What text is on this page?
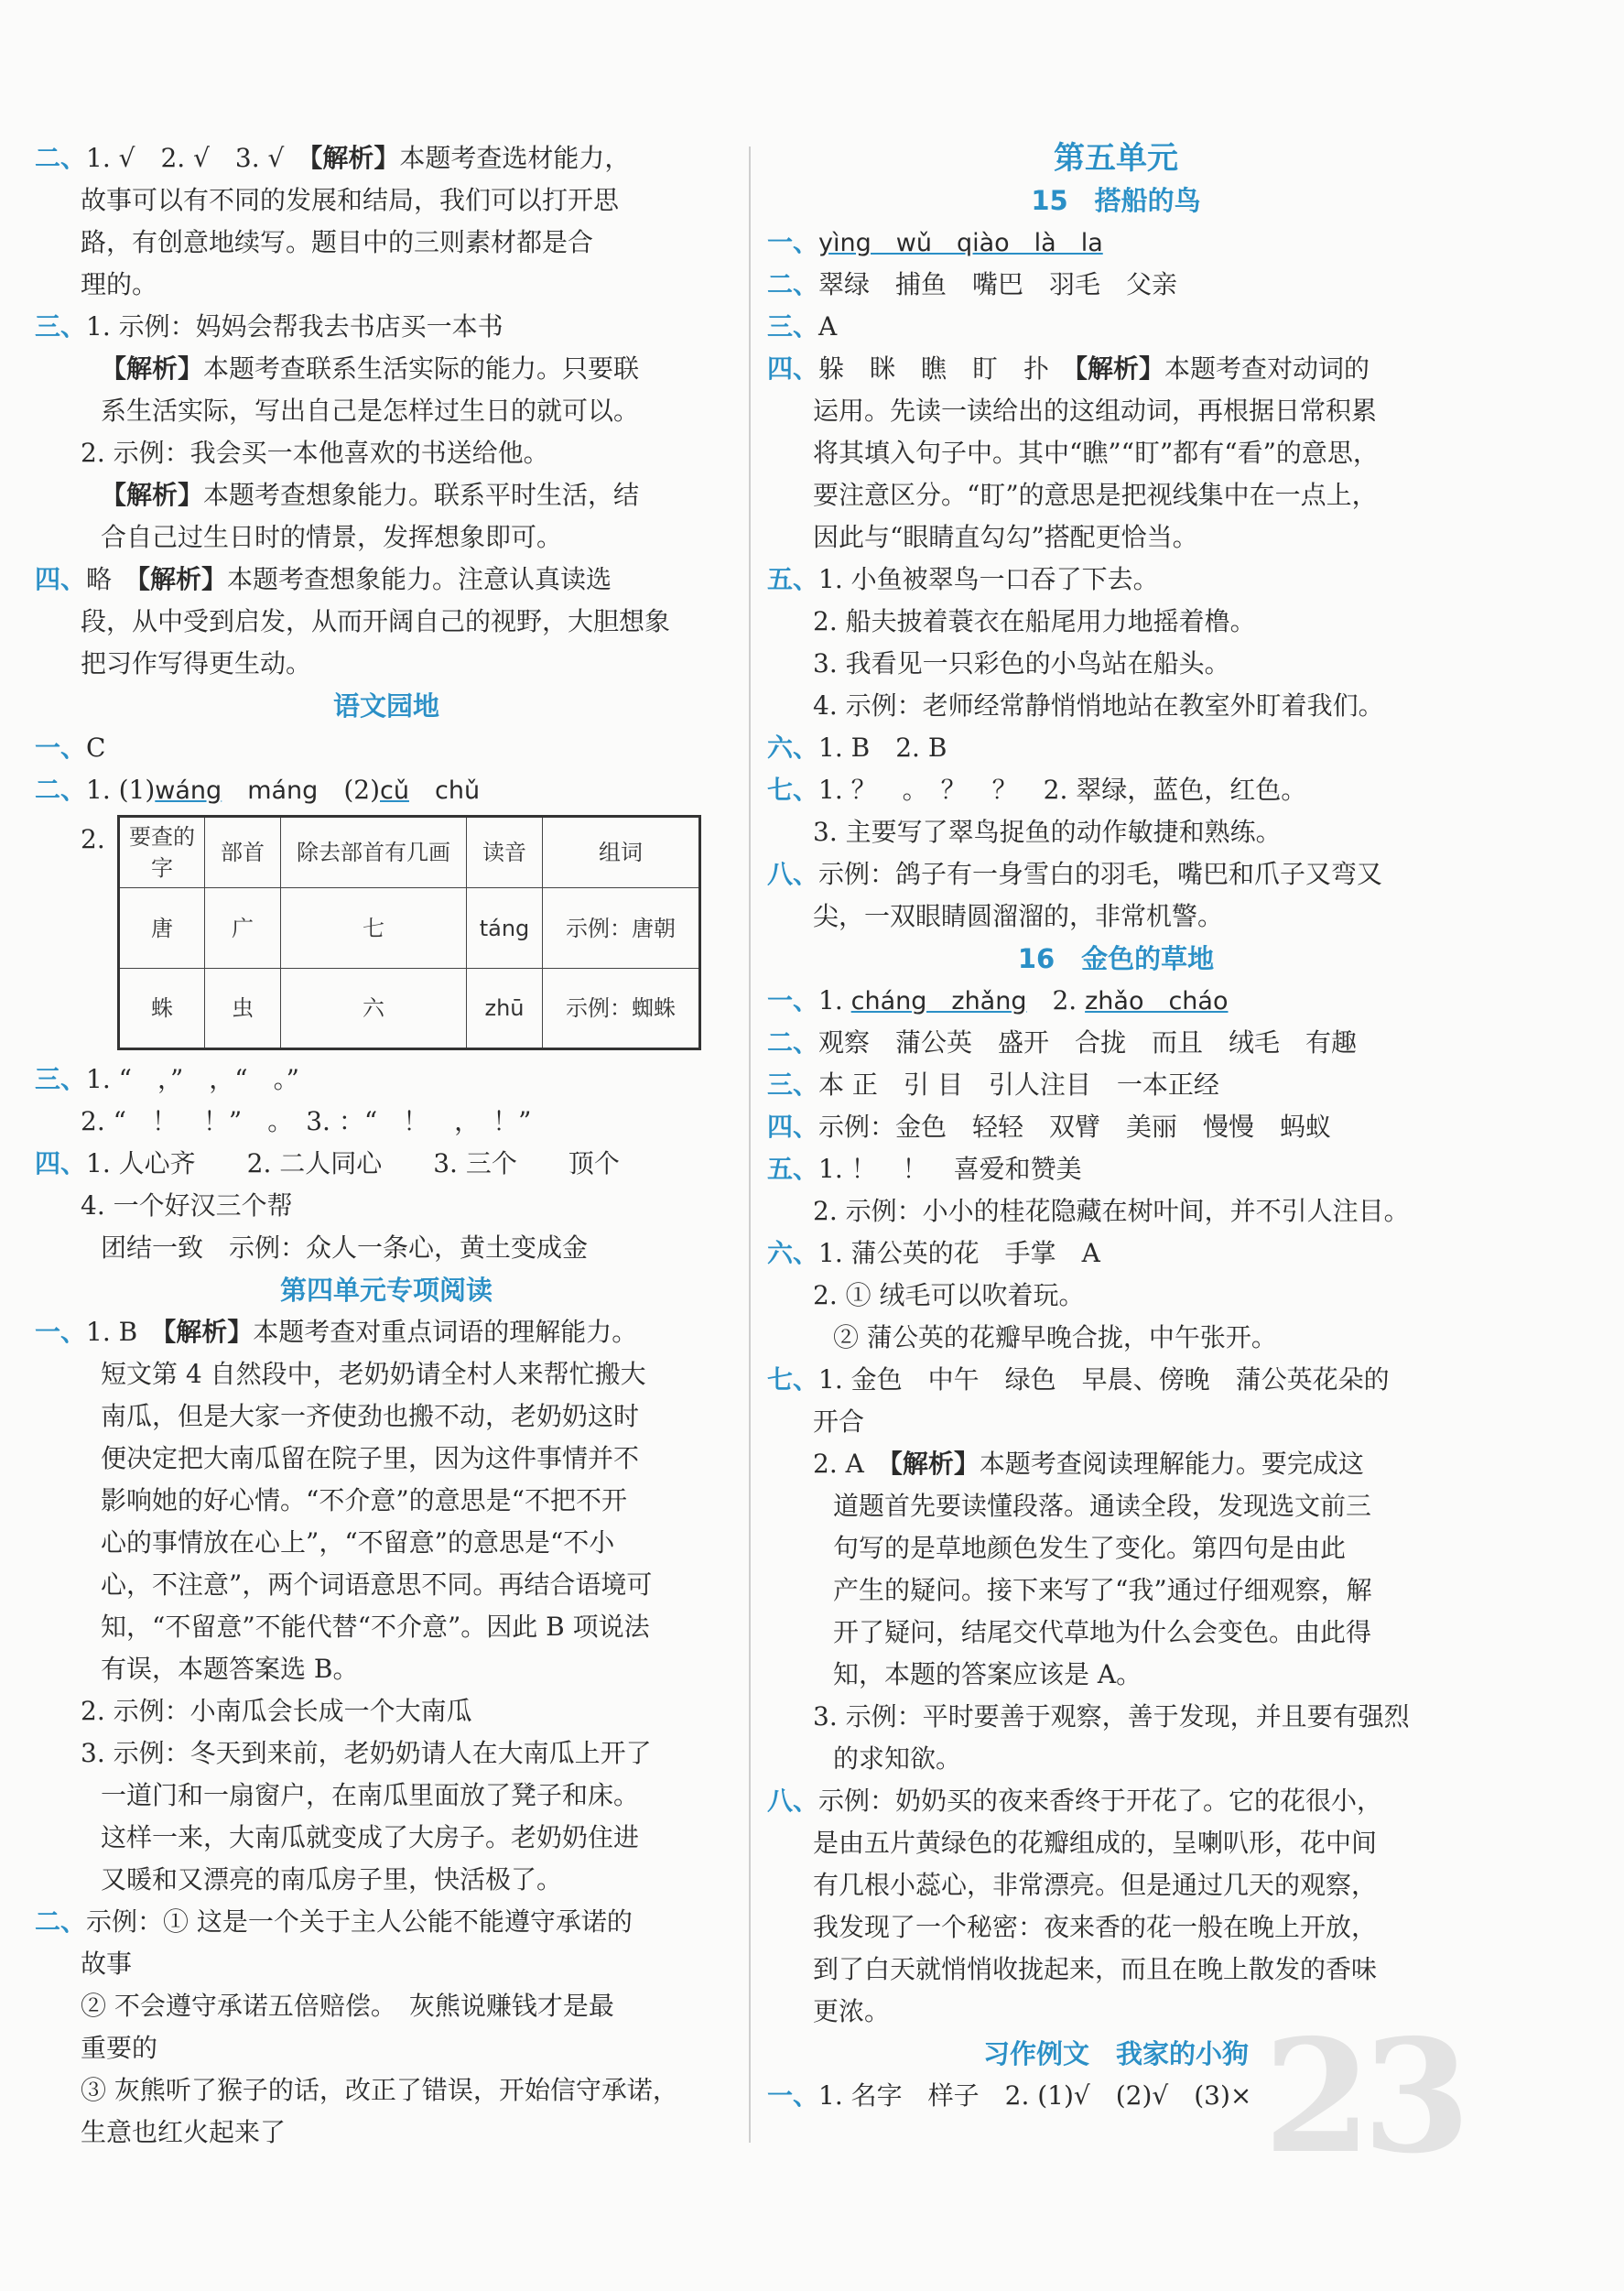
二、1. √　2. √　3. √　【解析】本题考查选材能力，
故事可以有不同的发展和结局，我们可以打开思
路，有创意地续写。题目中的三则素材都是合
理的。
三、1. 示例：妈妈会帮我去书店买一本书
【解析】本题考查联系生活实际的能力。只要联
系生活实际，写出自己是怎样过生日的就可以。
2. 示例：我会买一本他喜欢的书送给他。
【解析】本题考查想象能力。联系平时生活，结
合自己过生日时的情景，发挥想象即可。
四、略　【解析】本题考查想象能力。注意认真读选
段，从中受到启发，从而开阔自己的视野，大胆想象
把习作写得更生动。
语文园地
一、C
二、1. (1)wáng　 máng　 (2)cǔ　 chǔ
2. 要查的字	部首	除去部首有几画	读音	组词
唐	广	七	táng	示例：唐朝
蛛	虫	六	zhū	示例：蜘蛛
三、1. “　，”　，“　。”
2. “　！　！”　。　3. ：“　！　，　！”
四、1. 人心齐　　2. 二人同心　　3. 三个　　顶个
4. 一个好汉三个帮
团结一致　示例：众人一条心，黄土变成金
第四单元专项阅读
一、1. B　【解析】本题考查对重点词语的理解能力。
短文第 4 自然段中，老奶奶请全村人来帮忙搬大
南瓜，但是大家一齐使劲也搬不动，老奶奶这时
便决定把大南瓜留在院子里，因为这件事情并不
影响她的好心情。“不介意”的意思是“不把不开
心的事情放在心上”，“不留意”的意思是“不小
心，不注意”，两个词语意思不同。再结合语境可
知，“不留意”不能代替“不介意”。因此 B 项说法
有误，本题答案选 B。
2. 示例：小南瓜会长成一个大南瓜
3. 示例：冬天到来前，老奶奶请人在大南瓜上开了
一道门和一扇窗户，在南瓜里面放了凳子和床。
这样一来，大南瓜就变成了大房子。老奶奶住进
又暖和又漂亮的南瓜房子里，快活极了。
二、示例：① 这是一个关于主人公能不能遵守承诺的
故事
② 不会遵守承诺五倍赔偿。　灰熊说赚钱才是最
重要的
③ 灰熊听了猴子的话，改正了错误，开始信守承诺，
生意也红火起来了
第五单元
15　搭船的鸟
一、yìng　wǔ　qiào　là　la
二、翠绿　捕鱼　嘴巴　羽毛　父亲
三、A
四、躲　眯　瞧　盯　扑　【解析】本题考查对动词的
运用。先读一读给出的这组动词，再根据日常积累
将其填入句子中。其中“瞧”“盯”都有“看”的意思，
要注意区分。“盯”的意思是把视线集中在一点上，
因此与“眼睛直勾勾”搭配更恰当。
五、1. 小鱼被翠鸟一口吞了下去。
2. 船夫披着蓑衣在船尾用力地摇着橹。
3. 我看见一只彩色的小鸟站在船头。
4. 示例：老师经常静悄悄地站在教室外盯着我们。
六、1. B　2. B
七、1. ？　。　？　？　2. 翠绿，蓝色，红色。
3. 主要写了翠鸟捉鱼的动作敏捷和熟练。
八、示例：鸽子有一身雪白的羽毛，嘴巴和爪子又弯又
尖，一双眼睛圆溜溜的，非常机警。
16　金色的草地
一、1. cháng　zhǎng　2. zhǎo　cháo
二、观察　蒲公英　盛开　合拢　而且　绒毛　有趣
三、本 正　引 目　引人注目　一本正经
四、示例：金色　轻轻　双臂　美丽　慢慢　蚂蚁
五、1. ！　！　喜爱和赞美
2. 示例：小小的桂花隐藏在树叶间，并不引人注目。
六、1. 蒲公英的花　手掌　A
2. ① 绒毛可以吹着玩。
② 蒲公英的花瓣早晚合拢，中午张开。
七、1. 金色　中午　绿色　早晨、傍晚　蒲公英花朵的
开合
2. A　【解析】本题考查阅读理解能力。要完成这
道题首先要读懂段落。通读全段，发现选文前三
句写的是草地颜色发生了变化。第四句是由此
产生的疑问。接下来写了“我”通过仔细观察，解
开了疑问，结尾交代草地为什么会变色。由此得
知，本题的答案应该是 A。
3. 示例：平时要善于观察，善于发现，并且要有强烈
的求知欲。
八、示例：奶奶买的夜来香终于开花了。它的花很小，
是由五片黄绿色的花瓣组成的，呈喇叭形，花中间
有几根小蕊心，非常漂亮。但是通过几天的观察，
我发现了一个秘密：夜来香的花一般在晚上开放，
到了白天就悄悄收拢起来，而且在晚上散发的香味
更浓。
习作例文　我家的小狗
一、1. 名字　样子　2. (1)√　(2)√　(3)× 23
